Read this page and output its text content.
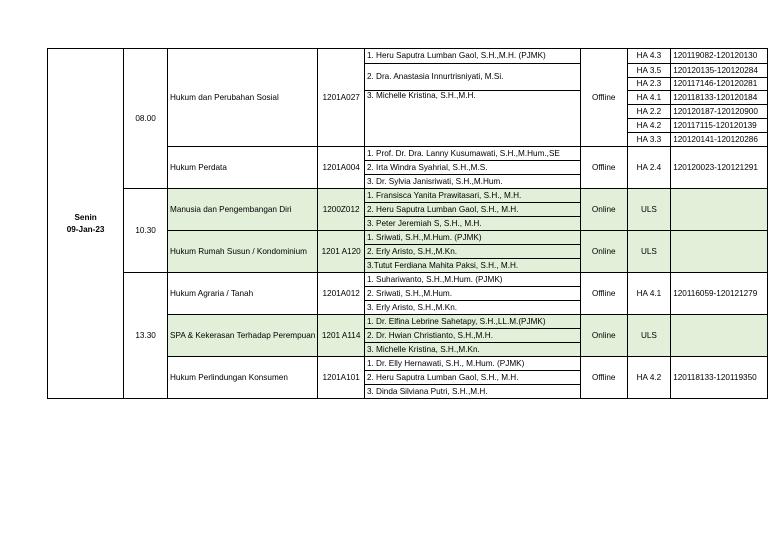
Senin
09-Jan-23	08.00	Hukum dan Perubahan Sosial	1201A027	1. Heru Saputra Lumban Gaol, S.H.,M.H. (PJMK)	Offline	HA 4.3	120119082-120120130
				2. Dra. Anastasia Innurtrisniyati, M.Si.		HA 3.5	120120135-120120284
						HA 2.3	120117146-120120281
				3. Michelle Kristina, S.H.,M.H.		HA 4.1	120118133-120120184
						HA 2.2	120120187-120120900
						HA 4.2	120117115-120120139
						HA 3.3	120120141-120120286
		Hukum Perdata	1201A004	1. Prof. Dr. Dra. Lanny Kusumawati, S.H.,M.Hum.,SE	Offline	HA 2.4	120120023-120121291
				2. Irta Windra Syahrial, S.H.,M.S.			
				3. Dr. Sylvia Janisriwati, S.H.,M.Hum.			
	10.30	Manusia dan Pengembangan Diri	1200Z012	1. Fransisca Yanita Prawitasari, S.H., M.H.	Online	ULS	
				2. Heru Saputra Lumban Gaol, S.H., M.H.			
				3. Peter Jeremiah S, S.H., M.H.			
		Hukum Rumah Susun / Kondominium	1201 A120	1. Sriwati, S.H.,M.Hum. (PJMK)	Online	ULS	
				2. Erly Aristo, S.H.,M.Kn.			
				3.Tutut Ferdiana Mahita Paksi, S.H., M.H.			
	13.30	Hukum Agraria / Tanah	1201A012	1. Suhariwanto, S.H.,M.Hum. (PJMK)	Offline	HA 4.1	120116059-120121279
				2. Sriwati, S.H.,M.Hum.			
				3. Erly Aristo, S.H.,M.Kn.			
		SPA & Kekerasan Terhadap Perempuan	1201 A114	1. Dr. Elfina Lebrine Sahetapy, S.H.,LL.M.(PJMK)	Online	ULS	
				2. Dr. Hwian Christianto, S.H.,M.H.			
				3. Michelle Kristina, S.H.,M.Kn.			
		Hukum Perlindungan Konsumen	1201A101	1. Dr. Elly Hernawati, S.H., M.Hum. (PJMK)	Offline	HA 4.2	120118133-120119350
				2. Heru Saputra Lumban Gaol, S.H., M.H.			
				3. Dinda Silviana Putri, S.H.,M.H.			
